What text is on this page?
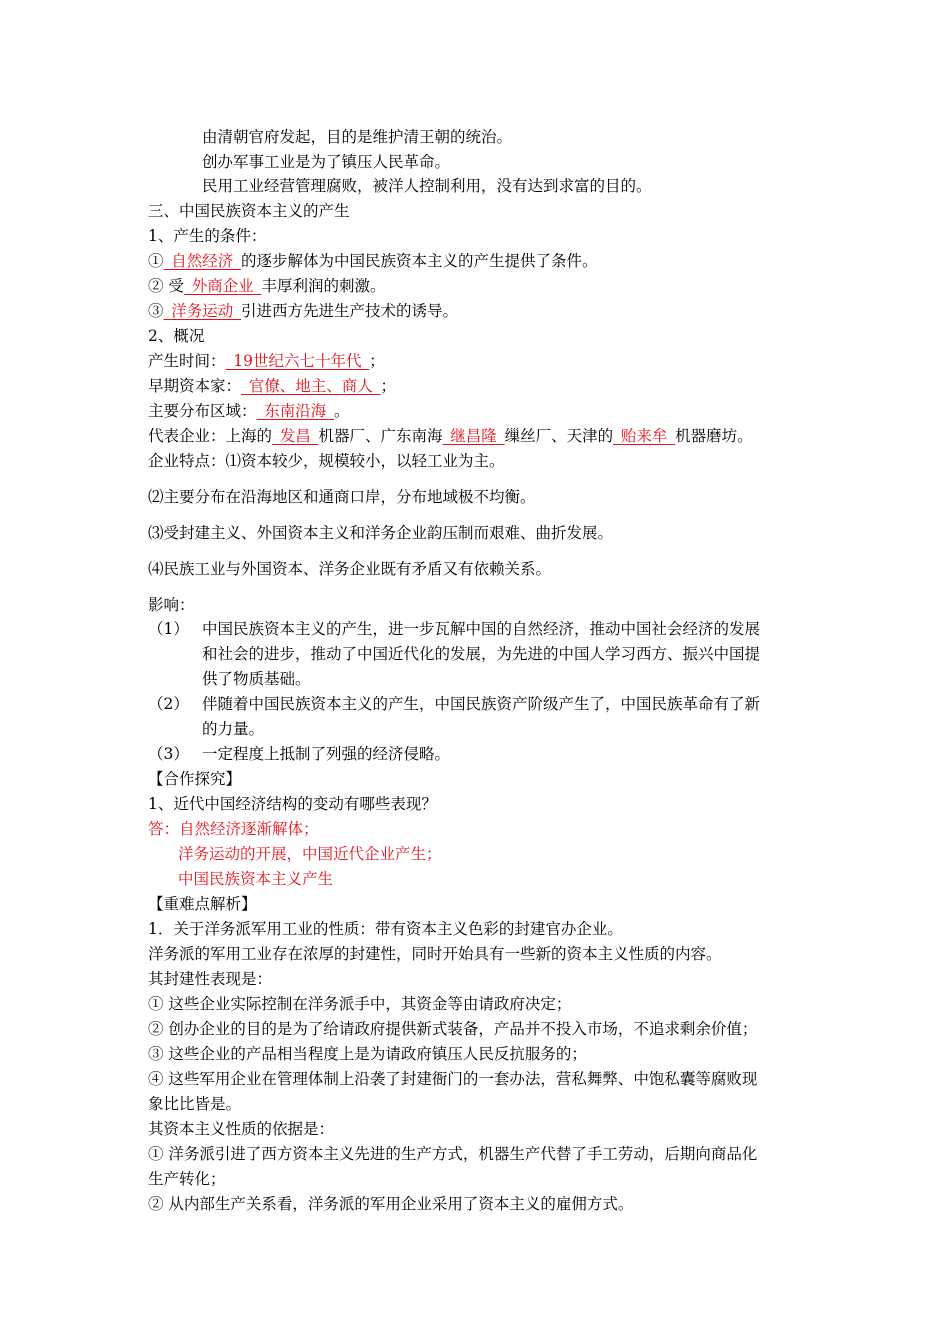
由清朝官府发起，目的是维护清王朝的统治。
创办军事工业是为了镇压人民革命。
民用工业经营管理腐败，被洋人控制利用，没有达到求富的目的。
三、中国民族资本主义的产生
1、产生的条件：
①_自然经济_的逐步解体为中国民族资本主义的产生提供了条件。
② 受_外商企业_丰厚利润的刺激。
③_洋务运动_引进西方先进生产技术的诱导。
2、概况
产生时间：_19世纪六七十年代_；
早期资本家：_官僚、地主、商人_；
主要分布区域：_东南沿海_。
代表企业：上海的_发昌_机器厂、广东南海_继昌隆_缫丝厂、天津的_贻来牟_机器磨坊。
企业特点：⑴资本较少，规模较小，以轻工业为主。
⑵主要分布在沿海地区和通商口岸，分布地域极不均衡。
⑶受封建主义、外国资本主义和洋务企业韵压制而艰难、曲折发展。
⑷民族工业与外国资本、洋务企业既有矛盾又有依赖关系。
影响：
（1） 中国民族资本主义的产生，进一步瓦解中国的自然经济，推动中国社会经济的发展
和社会的进步，推动了中国近代化的发展，为先进的中国人学习西方、振兴中国提
供了物质基础。
（2） 伴随着中国民族资本主义的产生，中国民族资产阶级产生了，中国民族革命有了新
的力量。
（3） 一定程度上抵制了列强的经济侵略。
【合作探究】
1、近代中国经济结构的变动有哪些表现？
答：自然经济逐渐解体；
洋务运动的开展，中国近代企业产生；
中国民族资本主义产生
【重难点解析】
1．关于洋务派军用工业的性质：带有资本主义色彩的封建官办企业。
洋务派的军用工业存在浓厚的封建性，同时开始具有一些新的资本主义性质的内容。
其封建性表现是：
① 这些企业实际控制在洋务派手中，其资金等由请政府决定；
② 创办企业的目的是为了给请政府提供新式装备，产品并不投入市场，不追求剩余价值；
③ 这些企业的产品相当程度上是为请政府镇压人民反抗服务的；
④ 这些军用企业在管理体制上沿袭了封建衙门的一套办法，营私舞弊、中饱私囊等腐败现
象比比皆是。
其资本主义性质的依据是：
① 洋务派引进了西方资本主义先进的生产方式，机器生产代替了手工劳动，后期向商品化
生产转化；
② 从内部生产关系看，洋务派的军用企业采用了资本主义的雇佣方式。
